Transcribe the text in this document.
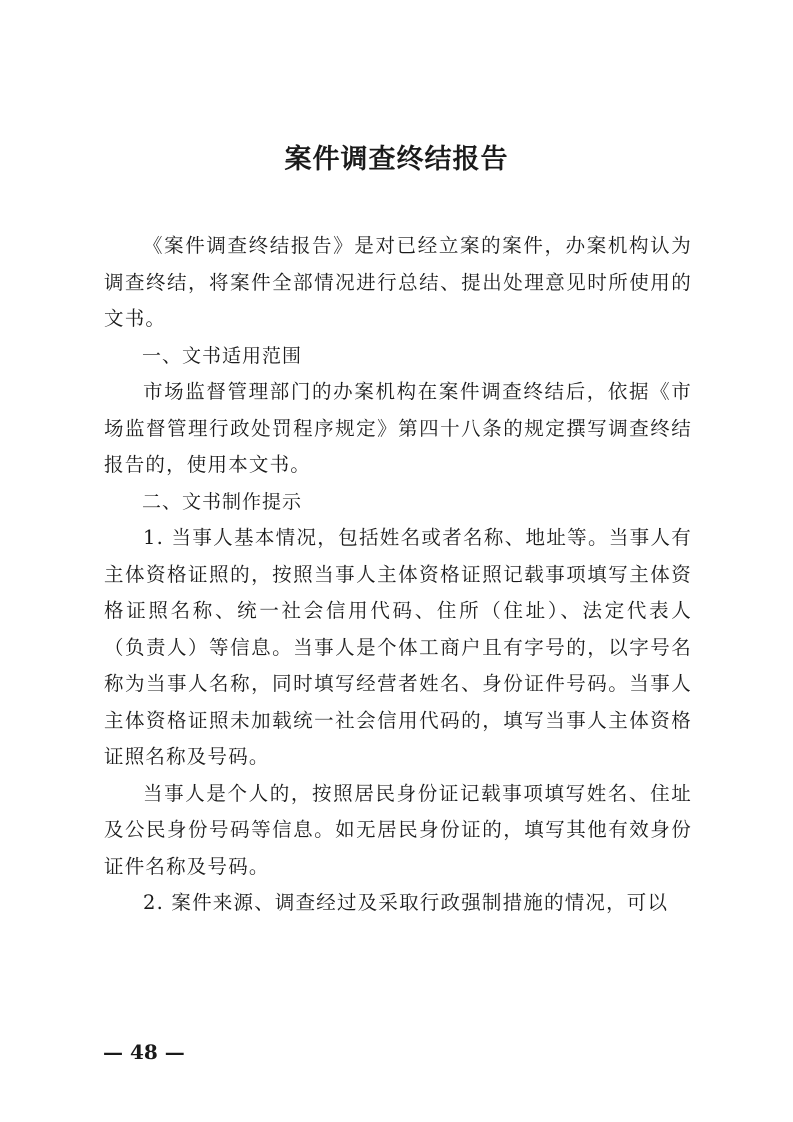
案件调查终结报告

《案件调查终结报告》是对已经立案的案件，办案机构认为调查终结，将案件全部情况进行总结、提出处理意见时所使用的文书。

一、文书适用范围

市场监督管理部门的办案机构在案件调查终结后，依据《市场监督管理行政处罚程序规定》第四十八条的规定撰写调查终结报告的，使用本文书。

二、文书制作提示

1. 当事人基本情况，包括姓名或者名称、地址等。当事人有主体资格证照的，按照当事人主体资格证照记载事项填写主体资格证照名称、统一社会信用代码、住所（住址）、法定代表人（负责人）等信息。当事人是个体工商户且有字号的，以字号名称为当事人名称，同时填写经营者姓名、身份证件号码。当事人主体资格证照未加载统一社会信用代码的，填写当事人主体资格证照名称及号码。

当事人是个人的，按照居民身份证记载事项填写姓名、住址及公民身份号码等信息。如无居民身份证的，填写其他有效身份证件名称及号码。

2. 案件来源、调查经过及采取行政强制措施的情况，可以

— 48 —
